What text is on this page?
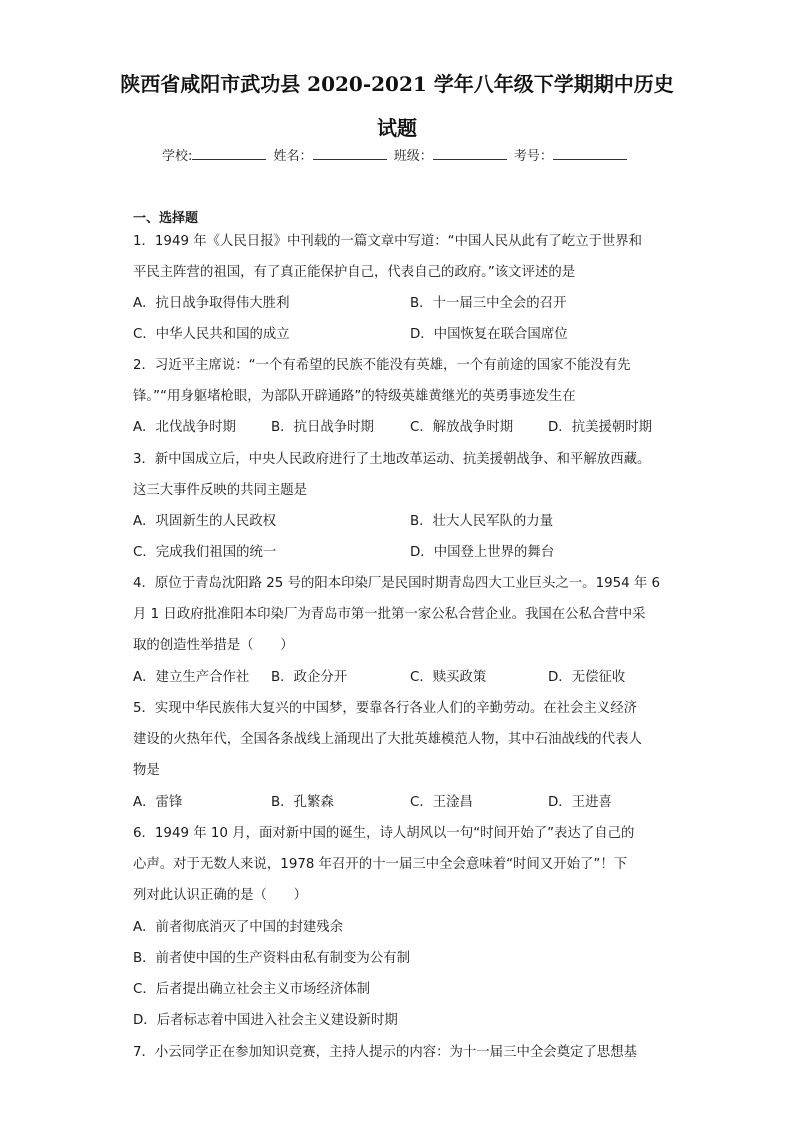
陕西省咸阳市武功县 2020-2021 学年八年级下学期期中历史
试题
学校:	姓名：	班级：	考号：
一、选择题
1．1949 年《人民日报》中刊载的一篇文章中写道：“中国人民从此有了屹立于世界和
平民主阵营的祖国，有了真正能保护自己，代表自己的政府。”该文评述的是
A．抗日战争取得伟大胜利	B．十一届三中全会的召开
C．中华人民共和国的成立	D．中国恢复在联合国席位
2．习近平主席说：“一个有希望的民族不能没有英雄，一个有前途的国家不能没有先
锋。”“用身躯堵枪眼，为部队开辟通路”的特级英雄黄继光的英勇事迹发生在
A．北伐战争时期	B．抗日战争时期	C．解放战争时期	D．抗美援朝时期
3．新中国成立后，中央人民政府进行了土地改革运动、抗美援朝战争、和平解放西藏。
这三大事件反映的共同主题是
A．巩固新生的人民政权	B．壮大人民军队的力量
C．完成我们祖国的统一	D．中国登上世界的舞台
4．原位于青岛沈阳路 25 号的阳本印染厂是民国时期青岛四大工业巨头之一。1954 年 6
月 1 日政府批准阳本印染厂为青岛市第一批第一家公私合营企业。我国在公私合营中采
取的创造性举措是（　　）
A．建立生产合作社 B．政企分开	C．赎买政策	D．无偿征收
5．实现中华民族伟大复兴的中国梦，要靠各行各业人们的辛勤劳动。在社会主义经济
建设的火热年代，全国各条战线上涌现出了大批英雄模范人物，其中石油战线的代表人
物是
A．雷锋	B．孔繁森	C．王淦昌	D．王进喜
6．1949 年 10 月，面对新中国的诞生，诗人胡风以一句“时间开始了”表达了自己的
心声。对于无数人来说，1978 年召开的十一届三中全会意味着“时间又开始了”！下
列对此认识正确的是（　　）
A．前者彻底消灭了中国的封建残余
B．前者使中国的生产资料由私有制变为公有制
C．后者提出确立社会主义市场经济体制
D．后者标志着中国进入社会主义建设新时期
7．小云同学正在参加知识竞赛，主持人提示的内容：为十一届三中全会奠定了思想基
